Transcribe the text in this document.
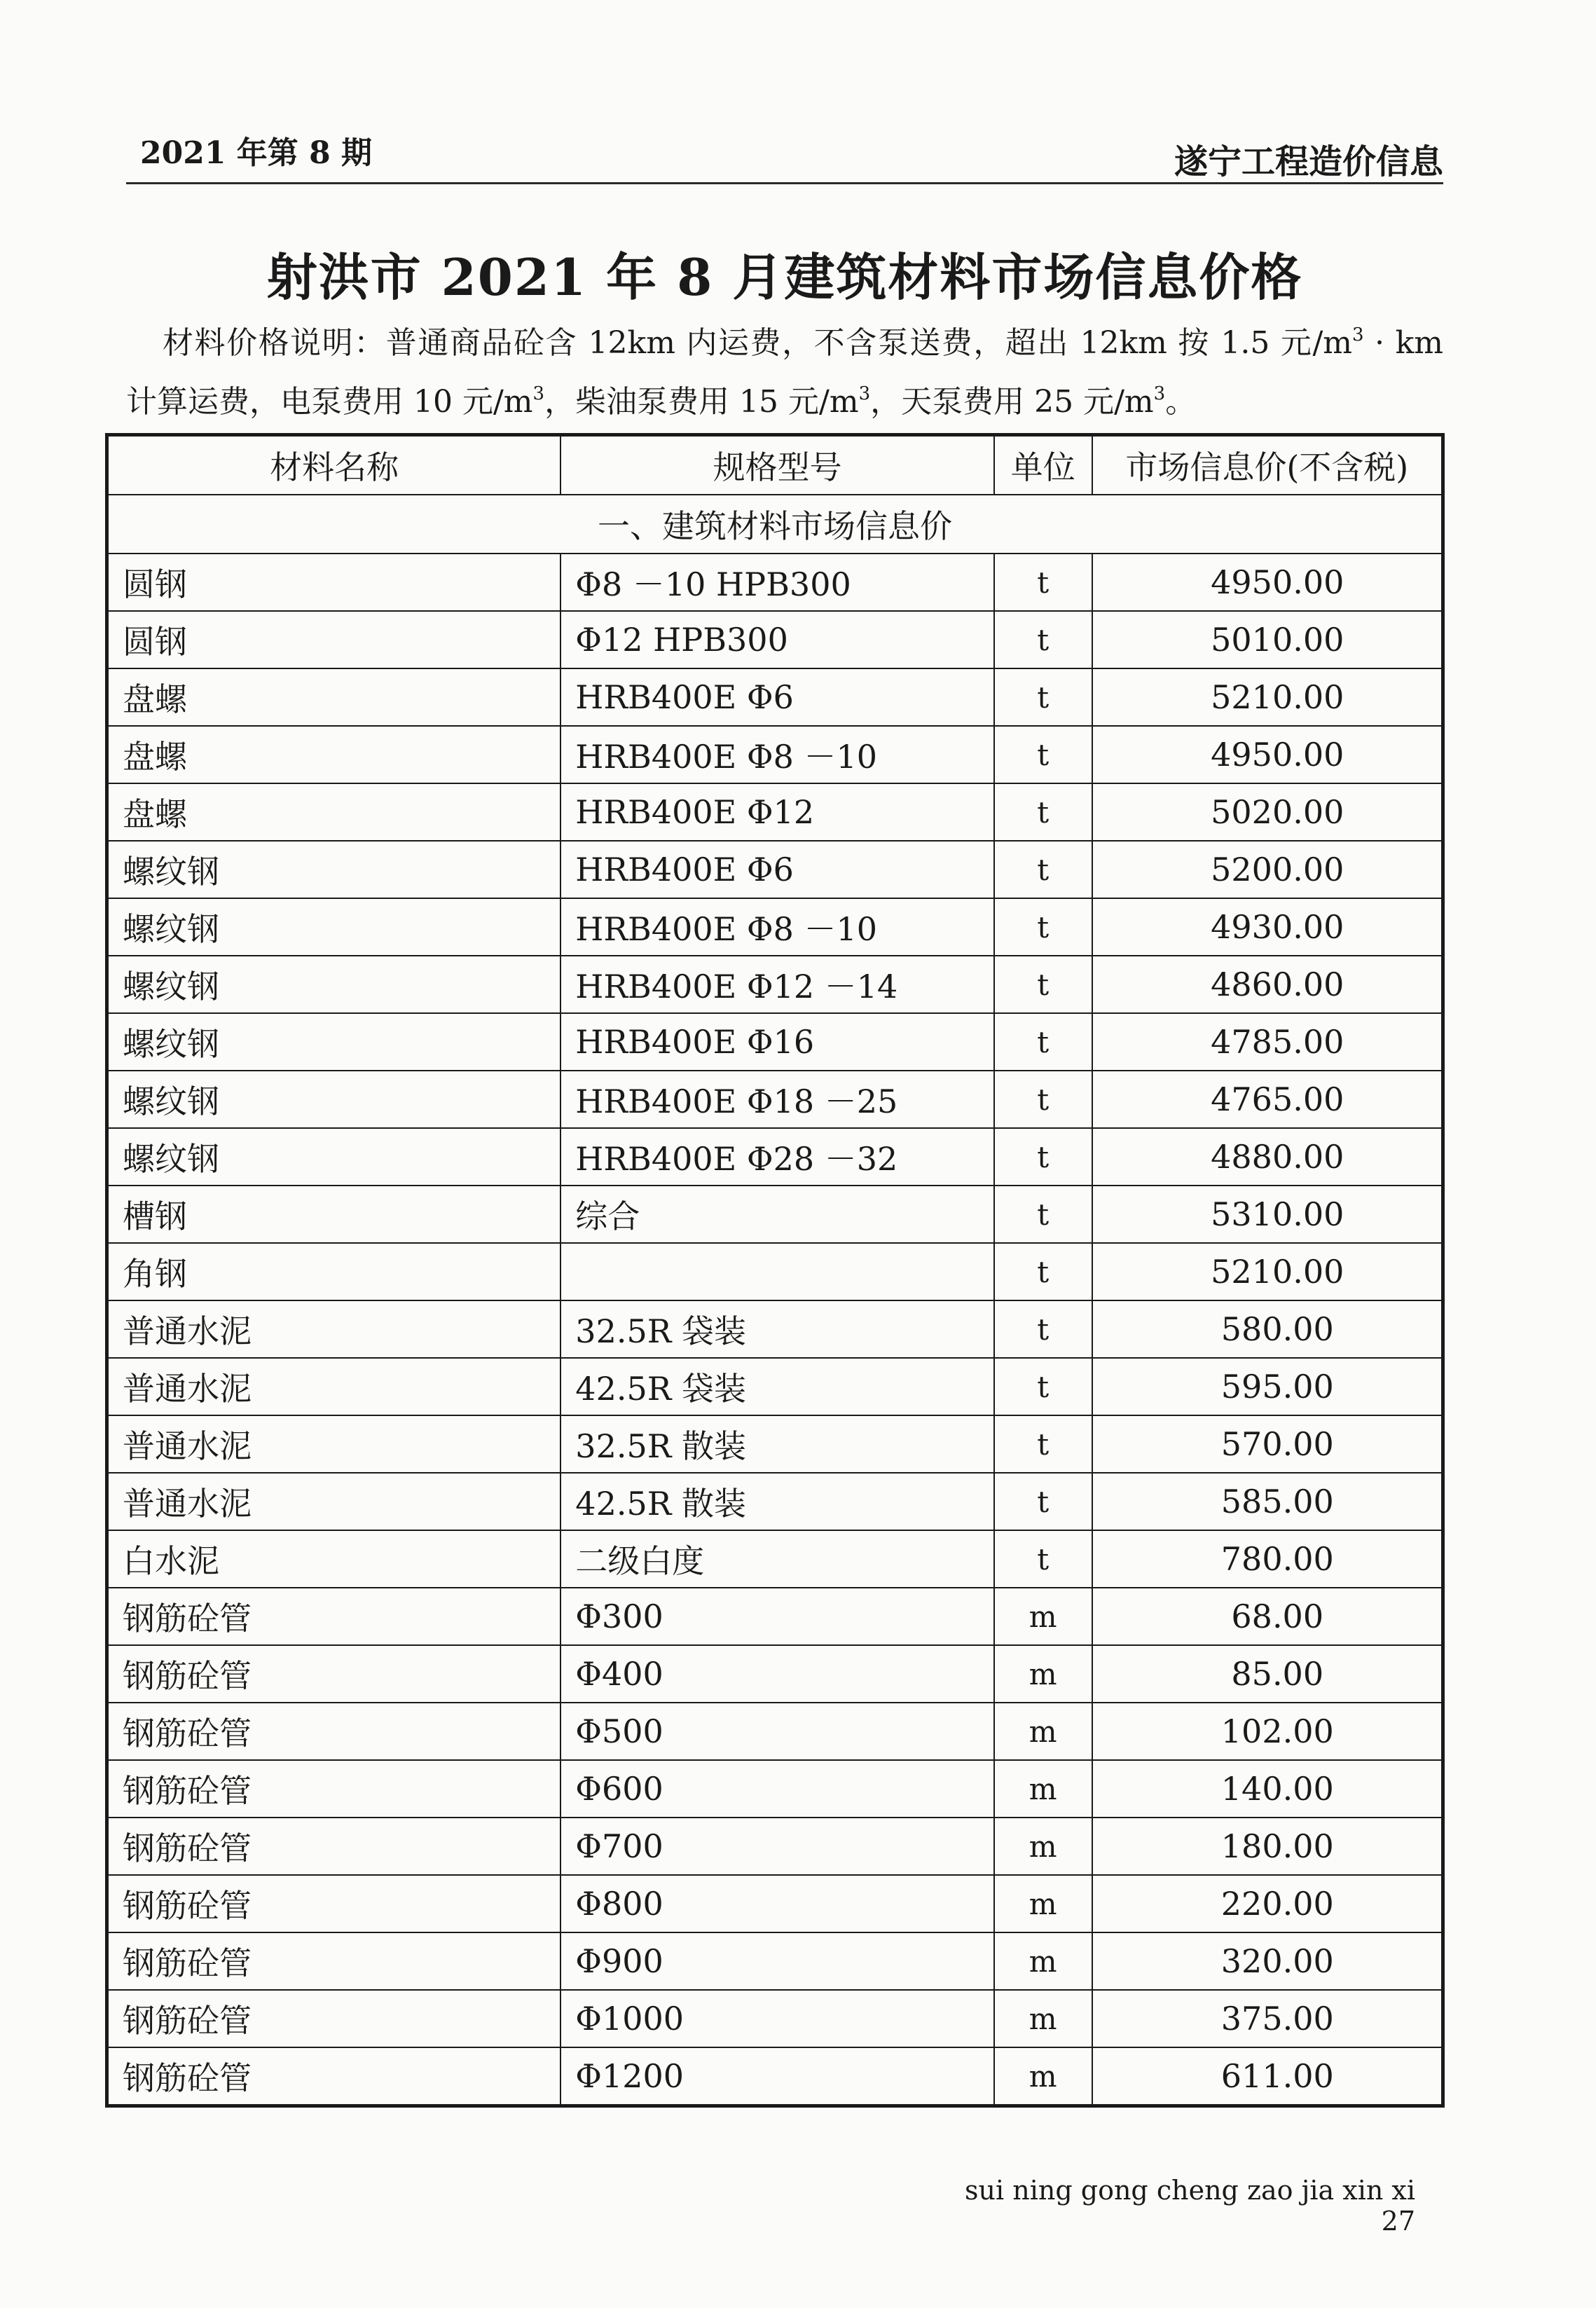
2021 年第 8 期	遂宁工程造价信息
射洪市 2021 年 8 月建筑材料市场信息价格
材料价格说明：普通商品砼含 12km 内运费，不含泵送费，超出 12km 按 1.5 元$/m^3$ · km 计算运费，电泵费用 10 元$/m^3$，柴油泵费用 15 元$/m^3$，天泵费用 25 元$/m^3$。
材料名称	规格型号	单位	市场信息价(不含税)
一、建筑材料市场信息价			
圆钢	Φ8 －10 HPB300	t	4950.00
圆钢	Φ12 HPB300	t	5010.00
盘螺	HRB400E Φ6	t	5210.00
盘螺	HRB400E Φ8 －10	t	4950.00
盘螺	HRB400E Φ12	t	5020.00
螺纹钢	HRB400E Φ6	t	5200.00
螺纹钢	HRB400E Φ8 －10	t	4930.00
螺纹钢	HRB400E Φ12 －14	t	4860.00
螺纹钢	HRB400E Φ16	t	4785.00
螺纹钢	HRB400E Φ18 －25	t	4765.00
螺纹钢	HRB400E Φ28 －32	t	4880.00
槽钢	综合	t	5310.00
角钢		t	5210.00
普通水泥	32.5R 袋装	t	580.00
普通水泥	42.5R 袋装	t	595.00
普通水泥	32.5R 散装	t	570.00
普通水泥	42.5R 散装	t	585.00
白水泥	二级白度	t	780.00
钢筋砼管	Φ300	m	68.00
钢筋砼管	Φ400	m	85.00
钢筋砼管	Φ500	m	102.00
钢筋砼管	Φ600	m	140.00
钢筋砼管	Φ700	m	180.00
钢筋砼管	Φ800	m	220.00
钢筋砼管	Φ900	m	320.00
钢筋砼管	Φ1000	m	375.00
钢筋砼管	Φ1200	m	611.00
sui ning gong cheng zao jia xin xi 27
